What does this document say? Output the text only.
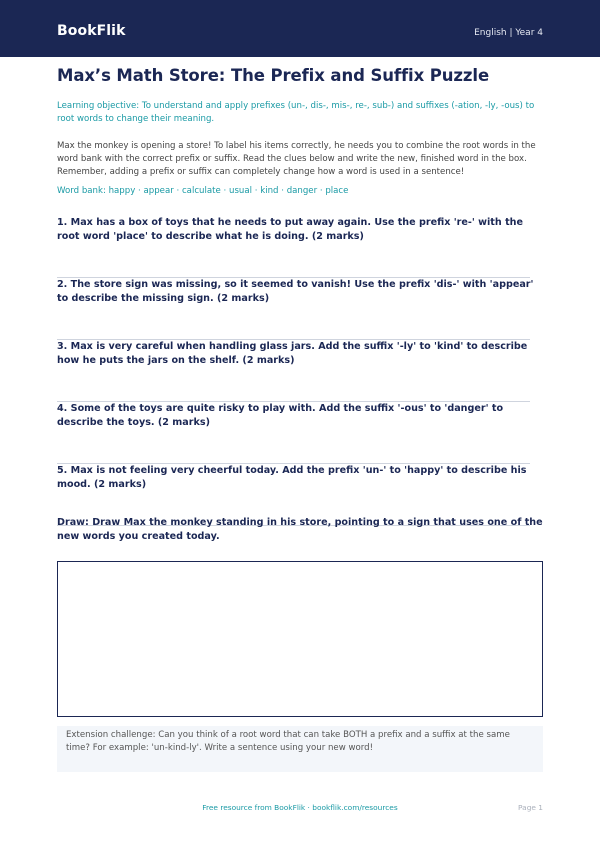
BookFlik	English | Year 4
Max’s Math Store: The Prefix and Suffix Puzzle
Learning objective: To understand and apply prefixes (un-, dis-, mis-, re-, sub-) and suffixes (-ation, -ly, -ous) to root words to change their meaning.
Max the monkey is opening a store! To label his items correctly, he needs you to combine the root words in the word bank with the correct prefix or suffix. Read the clues below and write the new, finished word in the box. Remember, adding a prefix or suffix can completely change how a word is used in a sentence!
Word bank: happy · appear · calculate · usual · kind · danger · place
1. Max has a box of toys that he needs to put away again. Use the prefix 're-' with the root word 'place' to describe what he is doing. (2 marks)
2. The store sign was missing, so it seemed to vanish! Use the prefix 'dis-' with 'appear' to describe the missing sign. (2 marks)
3. Max is very careful when handling glass jars. Add the suffix '-ly' to 'kind' to describe how he puts the jars on the shelf. (2 marks)
4. Some of the toys are quite risky to play with. Add the suffix '-ous' to 'danger' to describe the toys. (2 marks)
5. Max is not feeling very cheerful today. Add the prefix 'un-' to 'happy' to describe his mood. (2 marks)
Draw: Draw Max the monkey standing in his store, pointing to a sign that uses one of the new words you created today.
Extension challenge: Can you think of a root word that can take BOTH a prefix and a suffix at the same time? For example: 'un-kind-ly'. Write a sentence using your new word!
Free resource from BookFlik · bookflik.com/resources	Page 1
